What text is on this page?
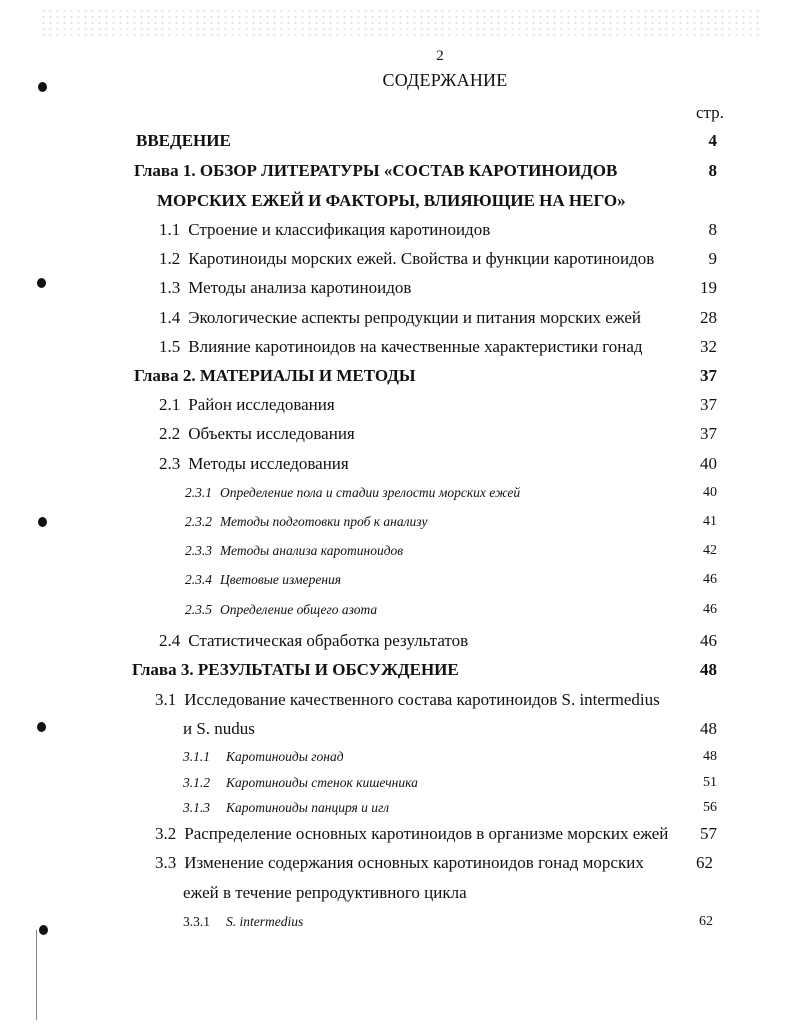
2
СОДЕРЖАНИЕ
стр.
ВВЕДЕНИЕ	4
Глава 1. ОБЗОР ЛИТЕРАТУРЫ «СОСТАВ КАРОТИНОИДОВ	8
МОРСКИХ ЕЖЕЙ И ФАКТОРЫ, ВЛИЯЮЩИЕ НА НЕГО»
1.1 Строение и классификация каротиноидов	8
1.2 Каротиноиды морских ежей. Свойства и функции каротиноидов	9
1.3 Методы анализа каротиноидов	19
1.4 Экологические аспекты репродукции и питания морских ежей	28
1.5 Влияние каротиноидов на качественные характеристики гонад	32
Глава 2. МАТЕРИАЛЫ И МЕТОДЫ	37
2.1 Район исследования	37
2.2 Объекты исследования	37
2.3 Методы исследования	40
2.3.1 Определение пола и стадии зрелости морских ежей	40
2.3.2 Методы подготовки проб к анализу	41
2.3.3 Методы анализа каротиноидов	42
2.3.4 Цветовые измерения	46
2.3.5 Определение общего азота	46
2.4 Статистическая обработка результатов	46
Глава 3. РЕЗУЛЬТАТЫ И ОБСУЖДЕНИЕ	48
3.1 Исследование качественного состава каротиноидов S. intermedius
и S. nudus	48
3.1.1 Каротиноиды гонад	48
3.1.2 Каротиноиды стенок кишечника	51
3.1.3 Каротиноиды панциря и игл	56
3.2 Распределение основных каротиноидов в организме морских ежей 57
3.3 Изменение содержания основных каротиноидов гонад морских	62
ежей в течение репродуктивного цикла
3.3.1 S. intermedius	62
